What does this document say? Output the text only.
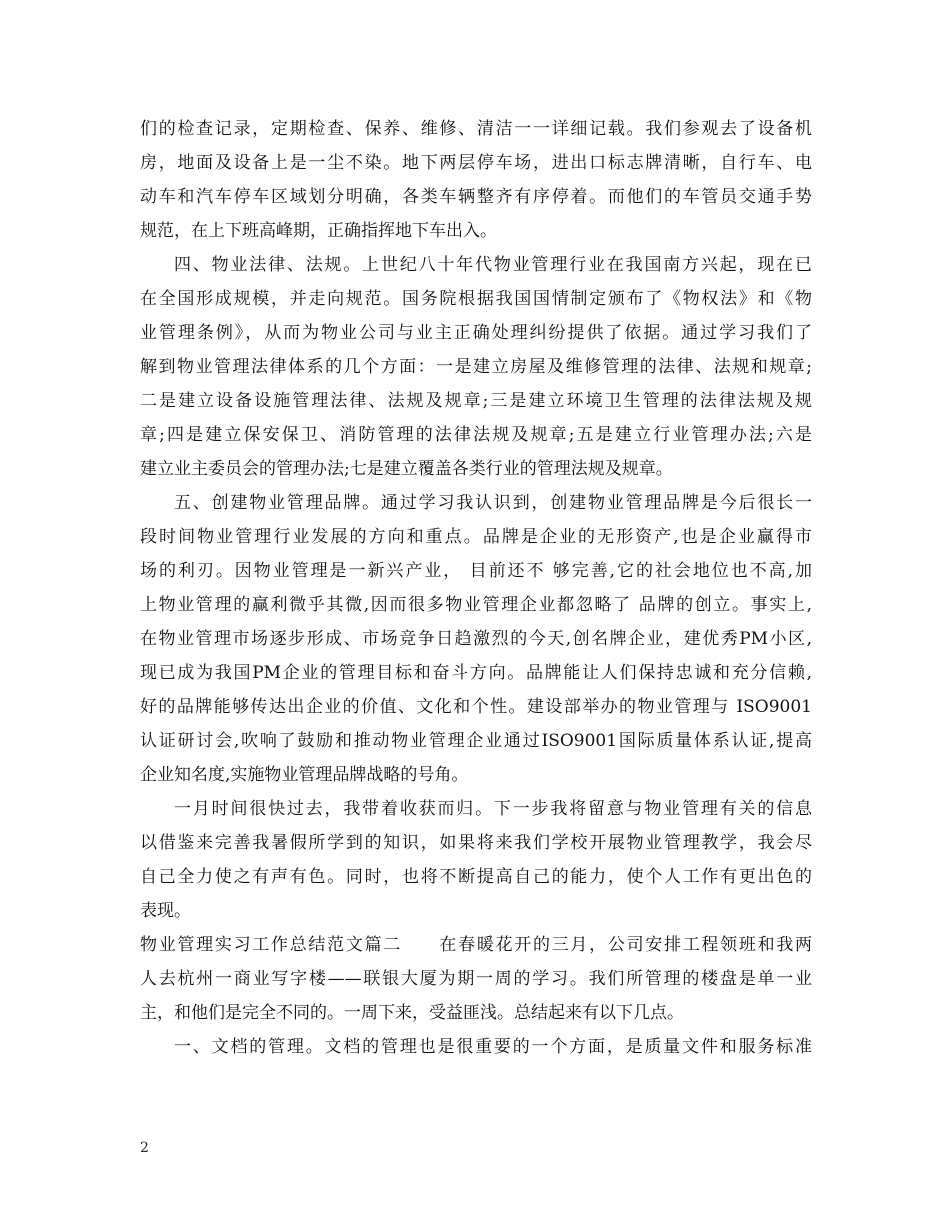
们的检查记录，定期检查、保养、维修、清洁一一详细记载。我们参观去了设备机
房，地面及设备上是一尘不染。地下两层停车场，进出口标志牌清晰，自行车、电
动车和汽车停车区域划分明确，各类车辆整齐有序停着。而他们的车管员交通手势
规范，在上下班高峰期，正确指挥地下车出入。
四、物业法律、法规。上世纪八十年代物业管理行业在我国南方兴起，现在已
在全国形成规模，并走向规范。国务院根据我国国情制定颁布了《物权法》和《物
业管理条例》，从而为物业公司与业主正确处理纠纷提供了依据。通过学习我们了
解到物业管理法律体系的几个方面：一是建立房屋及维修管理的法律、法规和规章;
二是建立设备设施管理法律、法规及规章;三是建立环境卫生管理的法律法规及规
章;四是建立保安保卫、消防管理的法律法规及规章;五是建立行业管理办法;六是
建立业主委员会的管理办法;七是建立覆盖各类行业的管理法规及规章。
五、创建物业管理品牌。通过学习我认识到，创建物业管理品牌是今后很长一
段时间物业管理行业发展的方向和重点。品牌是企业的无形资产,也是企业赢得市
场的利刃。因物业管理是一新兴产业， 目前还不 够完善,它的社会地位也不高,加
上物业管理的赢利微乎其微,因而很多物业管理企业都忽略了 品牌的创立。事实上,
在物业管理市场逐步形成、市场竞争日趋激烈的今天,创名牌企业，建优秀PM小区,
现已成为我国PM企业的管理目标和奋斗方向。品牌能让人们保持忠诚和充分信赖,
好的品牌能够传达出企业的价值、文化和个性。建设部举办的物业管理与 ISO9001
认证研讨会,吹响了鼓励和推动物业管理企业通过ISO9001国际质量体系认证,提高
企业知名度,实施物业管理品牌战略的号角。
一月时间很快过去，我带着收获而归。下一步我将留意与物业管理有关的信息
以借鉴来完善我暑假所学到的知识，如果将来我们学校开展物业管理教学，我会尽
自己全力使之有声有色。同时，也将不断提高自己的能力，使个人工作有更出色的
表现。
物业管理实习工作总结范文篇二　　在春暖花开的三月，公司安排工程领班和我两
人去杭州一商业写字楼——联银大厦为期一周的学习。我们所管理的楼盘是单一业
主，和他们是完全不同的。一周下来，受益匪浅。总结起来有以下几点。
一、文档的管理。文档的管理也是很重要的一个方面，是质量文件和服务标准
2
